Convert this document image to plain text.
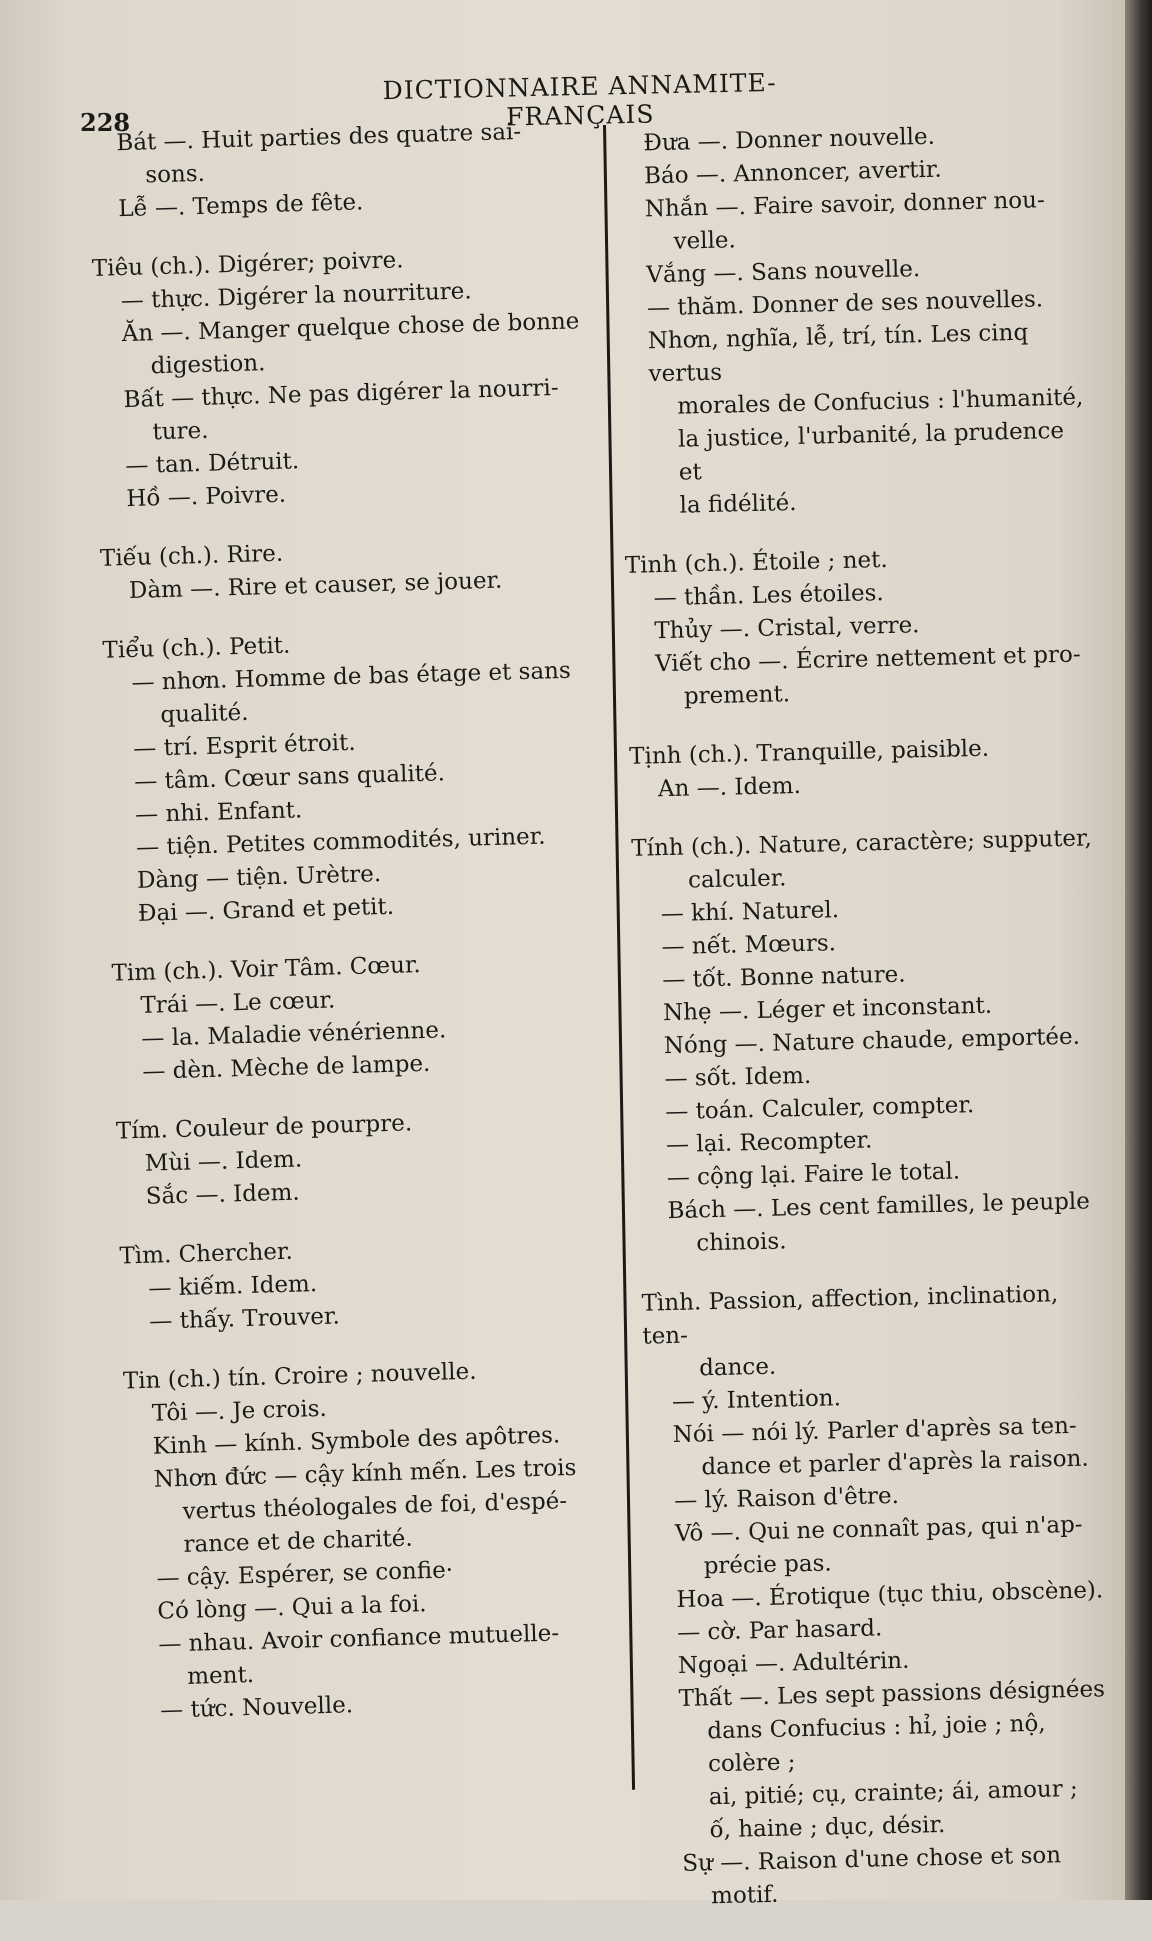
228
DICTIONNAIRE ANNAMITE-FRANÇAIS
Bát —. Huit parties des quatre sai-
sons.
Lễ —. Temps de fête.
Tiêu (ch.). Digérer; poivre.
— thực. Digérer la nourriture.
Ăn —. Manger quelque chose de bonne
digestion.
Bất — thực. Ne pas digérer la nourri-
ture.
— tan. Détruit.
Hồ —. Poivre.
Tiếu (ch.). Rire.
Dàm —. Rire et causer, se jouer.
Tiểu (ch.). Petit.
— nhơn. Homme de bas étage et sans
qualité.
— trí. Esprit étroit.
— tâm. Cœur sans qualité.
— nhi. Enfant.
— tiện. Petites commodités, uriner.
Dàng — tiện. Urètre.
Đại —. Grand et petit.
Tim (ch.). Voir Tâm. Cœur.
Trái —. Le cœur.
— la. Maladie vénérienne.
— dèn. Mèche de lampe.
Tím. Couleur de pourpre.
Mùi —. Idem.
Sắc —. Idem.
Tìm. Chercher.
— kiếm. Idem.
— thấy. Trouver.
Tin (ch.) tín. Croire ; nouvelle.
Tôi —. Je crois.
Kinh — kính. Symbole des apôtres.
Nhơn đức — cậy kính mến. Les trois
vertus théologales de foi, d'espé-
rance et de charité.
— cậy. Espérer, se confie·
Có lòng —. Qui a la foi.
— nhau. Avoir confiance mutuelle-
ment.
— tức. Nouvelle.
Đưa —. Donner nouvelle.
Báo —. Annoncer, avertir.
Nhắn —. Faire savoir, donner nou-
velle.
Vắng —. Sans nouvelle.
— thăm. Donner de ses nouvelles.
Nhơn, nghĩa, lễ, trí, tín. Les cinq vertus
morales de Confucius : l'humanité,
la justice, l'urbanité, la prudence et
la fidélité.
Tinh (ch.). Étoile ; net.
— thần. Les étoiles.
Thủy —. Cristal, verre.
Viết cho —. Écrire nettement et pro-
prement.
Tịnh (ch.). Tranquille, paisible.
An —. Idem.
Tính (ch.). Nature, caractère; supputer,
calculer.
— khí. Naturel.
— nết. Mœurs.
— tốt. Bonne nature.
Nhẹ —. Léger et inconstant.
Nóng —. Nature chaude, emportée.
— sốt. Idem.
— toán. Calculer, compter.
— lại. Recompter.
— cộng lại. Faire le total.
Bách —. Les cent familles, le peuple
chinois.
Tình. Passion, affection, inclination, ten-
dance.
— ý. Intention.
Nói — nói lý. Parler d'après sa ten-
dance et parler d'après la raison.
— lý. Raison d'être.
Vô —. Qui ne connaît pas, qui n'ap-
précie pas.
Hoa —. Érotique (tục thiu, obscène).
— cờ. Par hasard.
Ngoại —. Adultérin.
Thất —. Les sept passions désignées
dans Confucius : hỉ, joie ; nộ, colère ;
ai, pitié; cụ, crainte; ái, amour ;
ố, haine ; dục, désir.
Sự —. Raison d'une chose et son
motif.
